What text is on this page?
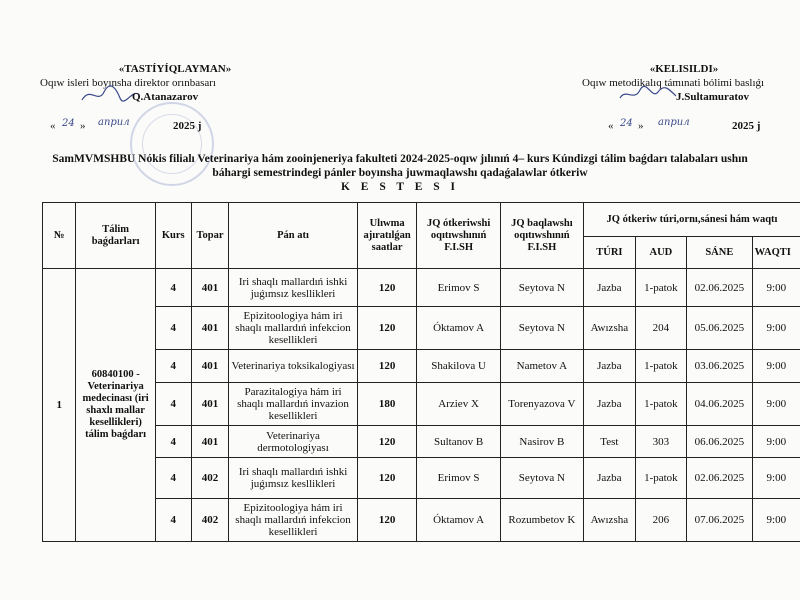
«TASTÍYÍQLAYMAN»
Oqıw isleri boyınsha direktor orınbasarı
Q.Atanazarov
« 24 » април	2025 j
«KELISILDI»
Oqıw metodikalıq támınati bólimi baslıǵı
J.Sultamuratov
« 24 » април	2025 j
SamMVMSHBU Nókis filialı Veterinariya hám zooinjeneriya fakulteti 2024-2025-oqıw jılınıń 4– kurs Kúndizgi tálim baǵdarı talabaları ushın
báhargi semestrindegi pánler boyınsha juwmaqlawshı qadaǵalawlar ótkeriw
K E S T E S I
№	Tálim baǵdarları	Kurs	Topar	Pán atı	Ulıwma ajıratılǵan saatlar	JQ ótkeriwshi oqıtıwshınıń F.I.SH	JQ baqlawshı oqıtıwshınıń F.I.SH	JQ ótkeriw túri,ornı,sánesi hám waqtı			
								TÚRI	AUD	SÁNE	WAQTI
1	60840100 - Veterinariya medecinası (iri shaxlı mallar kesellikleri) tálim baǵdarı	4	401	Iri shaqlı mallardıń ishki juǵımsız kesllikleri	120	Erimov S	Seytova N	Jazba	1-patok	02.06.2025	9:00
		4	401	Epizitoologiya hám iri shaqlı mallardıń infekcion kesellikleri	120	Óktamov A	Seytova N	Awızsha	204	05.06.2025	9:00
		4	401	Veterinariya toksikalogiyası	120	Shakilova U	Nametov A	Jazba	1-patok	03.06.2025	9:00
		4	401	Parazitalogiya hám iri shaqlı mallardıń invazion kesellikleri	180	Arziev X	Torenyazova V	Jazba	1-patok	04.06.2025	9:00
		4	401	Veterinariya dermotologiyası	120	Sultanov B	Nasirov B	Test	303	06.06.2025	9:00
		4	402	Iri shaqlı mallardıń ishki juǵımsız kesllikleri	120	Erimov S	Seytova N	Jazba	1-patok	02.06.2025	9:00
		4	402	Epizitoologiya hám iri shaqlı mallardıń infekcion kesellikleri	120	Óktamov A	Rozumbetov K	Awızsha	206	07.06.2025	9:00
